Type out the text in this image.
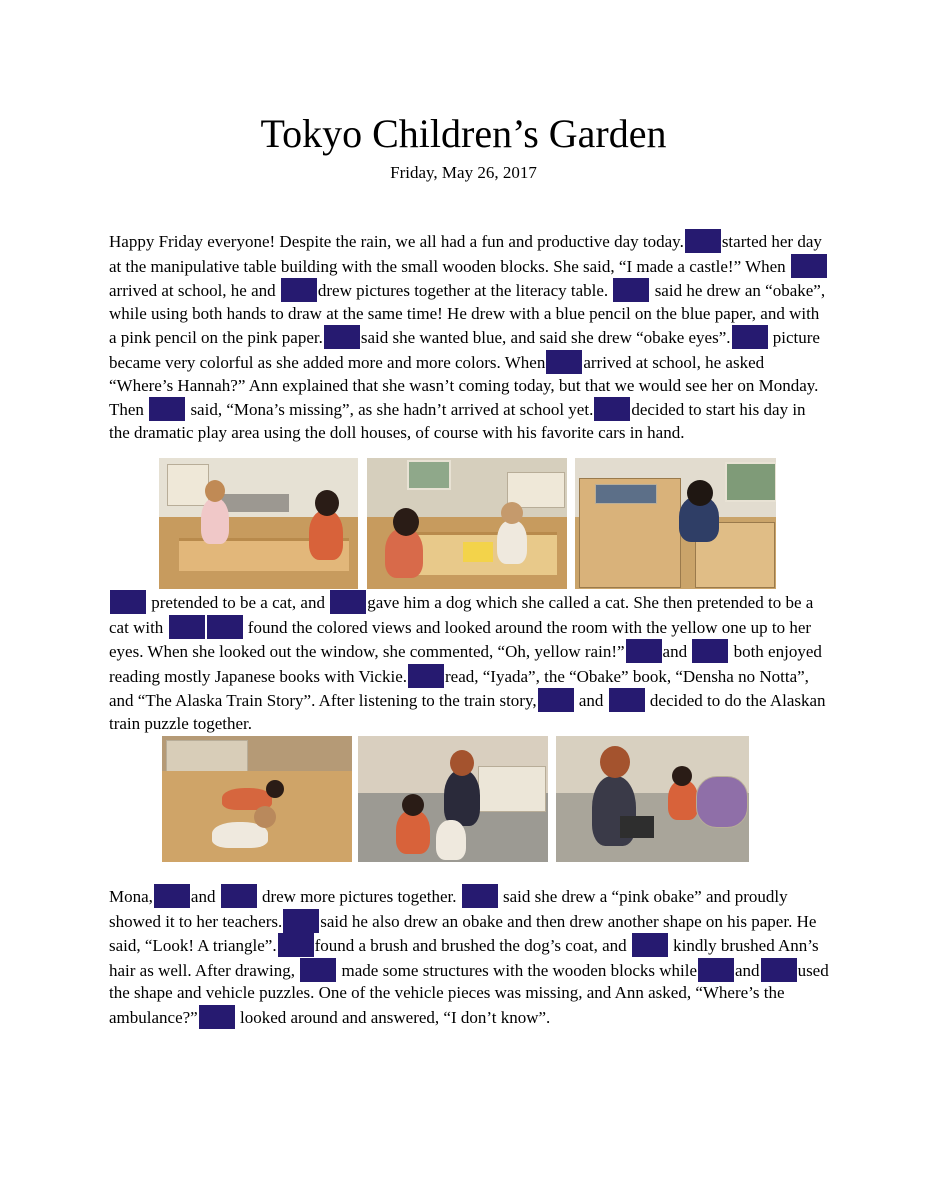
Tokyo Children’s Garden
Friday, May 26, 2017

Happy Friday everyone! Despite the rain, we all had a fun and productive day today. started her day at the manipulative table building with the small wooden blocks. She said, “I made a castle!” When arrived at school, he and drew pictures together at the literacy table.	said he drew an “obake”, while using both hands to draw at the same time! He drew with a blue pencil on the blue paper, and with a pink pencil on the pink paper. said she wanted blue, and said she drew “obake eyes”. picture became very colorful as she added more and more colors. When arrived at school, he asked “Where’s Hannah?” Ann explained that she wasn’t coming today, but that we would see her on Monday. Then	said, “Mona’s missing”, as she hadn’t arrived at school yet. decided to start his day in the dramatic play area using the doll houses, of course with his favorite cars in hand.

pretended to be a cat, and gave him a dog which she called a cat. She then pretended to be a cat with	found the colored views and looked around the room with the yellow one up to her eyes. When she looked out the window, she commented, “Oh, yellow rain!” and	both enjoyed reading mostly Japanese books with Vickie. read, “Iyada”, the “Obake” book, “Densha no Notta”, and “The Alaska Train Story”. After listening to the train story, and	decided to do the Alaskan train puzzle together.

Mona, and	drew more pictures together.	said she drew a “pink obake” and proudly showed it to her teachers. said he also drew an obake and then drew another shape on his paper. He said, “Look! A triangle”. found a brush and brushed the dog’s coat, and	kindly brushed Ann’s hair as well. After drawing,	made some structures with the wooden blocks while and used the shape and vehicle puzzles. One of the vehicle pieces was missing, and Ann asked, “Where’s the ambulance?” looked around and answered, “I don’t know”.
